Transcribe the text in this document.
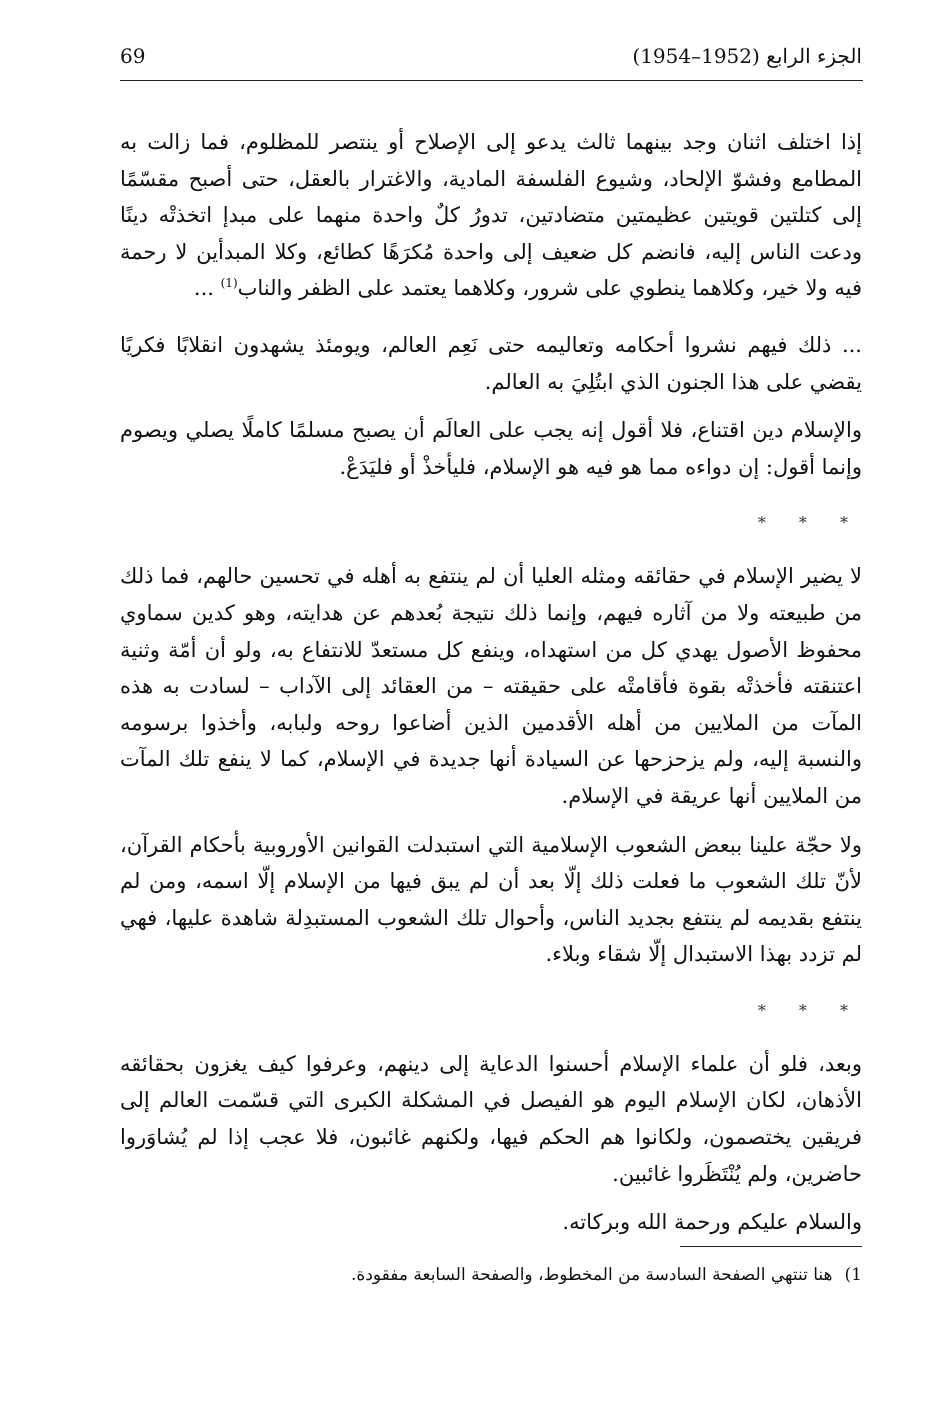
69	الجزء الرابع (1952–1954)

إذا اختلف اثنان وجد بينهما ثالث يدعو إلى الإصلاح أو ينتصر للمظلوم، فما زالت به المطامع وفشوّ الإلحاد، وشيوع الفلسفة المادية، والاغترار بالعقل، حتى أصبح مقسّمًا إلى كتلتين قويتين عظيمتين متضادتين، تدورُ كلٌ واحدة منهما على مبدإ اتخذتْه دينًا ودعت الناس إليه، فانضم كل ضعيف إلى واحدة مُكرَهًا كطائع، وكلا المبدأين لا رحمة فيه ولا خير، وكلاهما ينطوي على شرور، وكلاهما يعتمد على الظفر والناب$^{(1)}$ ...

... ذلك فيهم نشروا أحكامه وتعاليمه حتى نَعِم العالم، ويومئذ يشهدون انقلابًا فكريًا يقضي على هذا الجنون الذي ابتُلِيَ به العالم.

والإسلام دين اقتناع، فلا أقول إنه يجب على العالَم أن يصبح مسلمًا كاملًا يصلي ويصوم وإنما أقول: إن دواءه مما هو فيه هو الإسلام، فليأخذْ أو فليَدَعْ.

* * *

لا يضير الإسلام في حقائقه ومثله العليا أن لم ينتفع به أهله في تحسين حالهم، فما ذلك من طبيعته ولا من آثاره فيهم، وإنما ذلك نتيجة بُعدهم عن هدايته، وهو كدين سماوي محفوظ الأصول يهدي كل من استهداه، وينفع كل مستعدّ للانتفاع به، ولو أن أمّة وثنية اعتنقته فأخذتْه بقوة فأقامتْه على حقيقته – من العقائد إلى الآداب – لسادت به هذه المآت من الملايين من أهله الأقدمين الذين أضاعوا روحه ولبابه، وأخذوا برسومه والنسبة إليه، ولم يزحزحها عن السيادة أنها جديدة في الإسلام، كما لا ينفع تلك المآت من الملايين أنها عريقة في الإسلام.

ولا حجّة علينا ببعض الشعوب الإسلامية التي استبدلت القوانين الأوروبية بأحكام القرآن، لأنّ تلك الشعوب ما فعلت ذلك إلّا بعد أن لم يبق فيها من الإسلام إلّا اسمه، ومن لم ينتفع بقديمه لم ينتفع بجديد الناس، وأحوال تلك الشعوب المستبدِلة شاهدة عليها، فهي لم تزدد بهذا الاستبدال إلّا شقاء وبلاء.

* * *

وبعد، فلو أن علماء الإسلام أحسنوا الدعاية إلى دينهم، وعرفوا كيف يغزون بحقائقه الأذهان، لكان الإسلام اليوم هو الفيصل في المشكلة الكبرى التي قسّمت العالم إلى فريقين يختصمون، ولكانوا هم الحكم فيها، ولكنهم غائبون، فلا عجب إذا لم يُشاوَروا حاضرين، ولم يُنْتَظَروا غائبين.

والسلام عليكم ورحمة الله وبركاته.

1)هنا تنتهي الصفحة السادسة من المخطوط، والصفحة السابعة مفقودة.
